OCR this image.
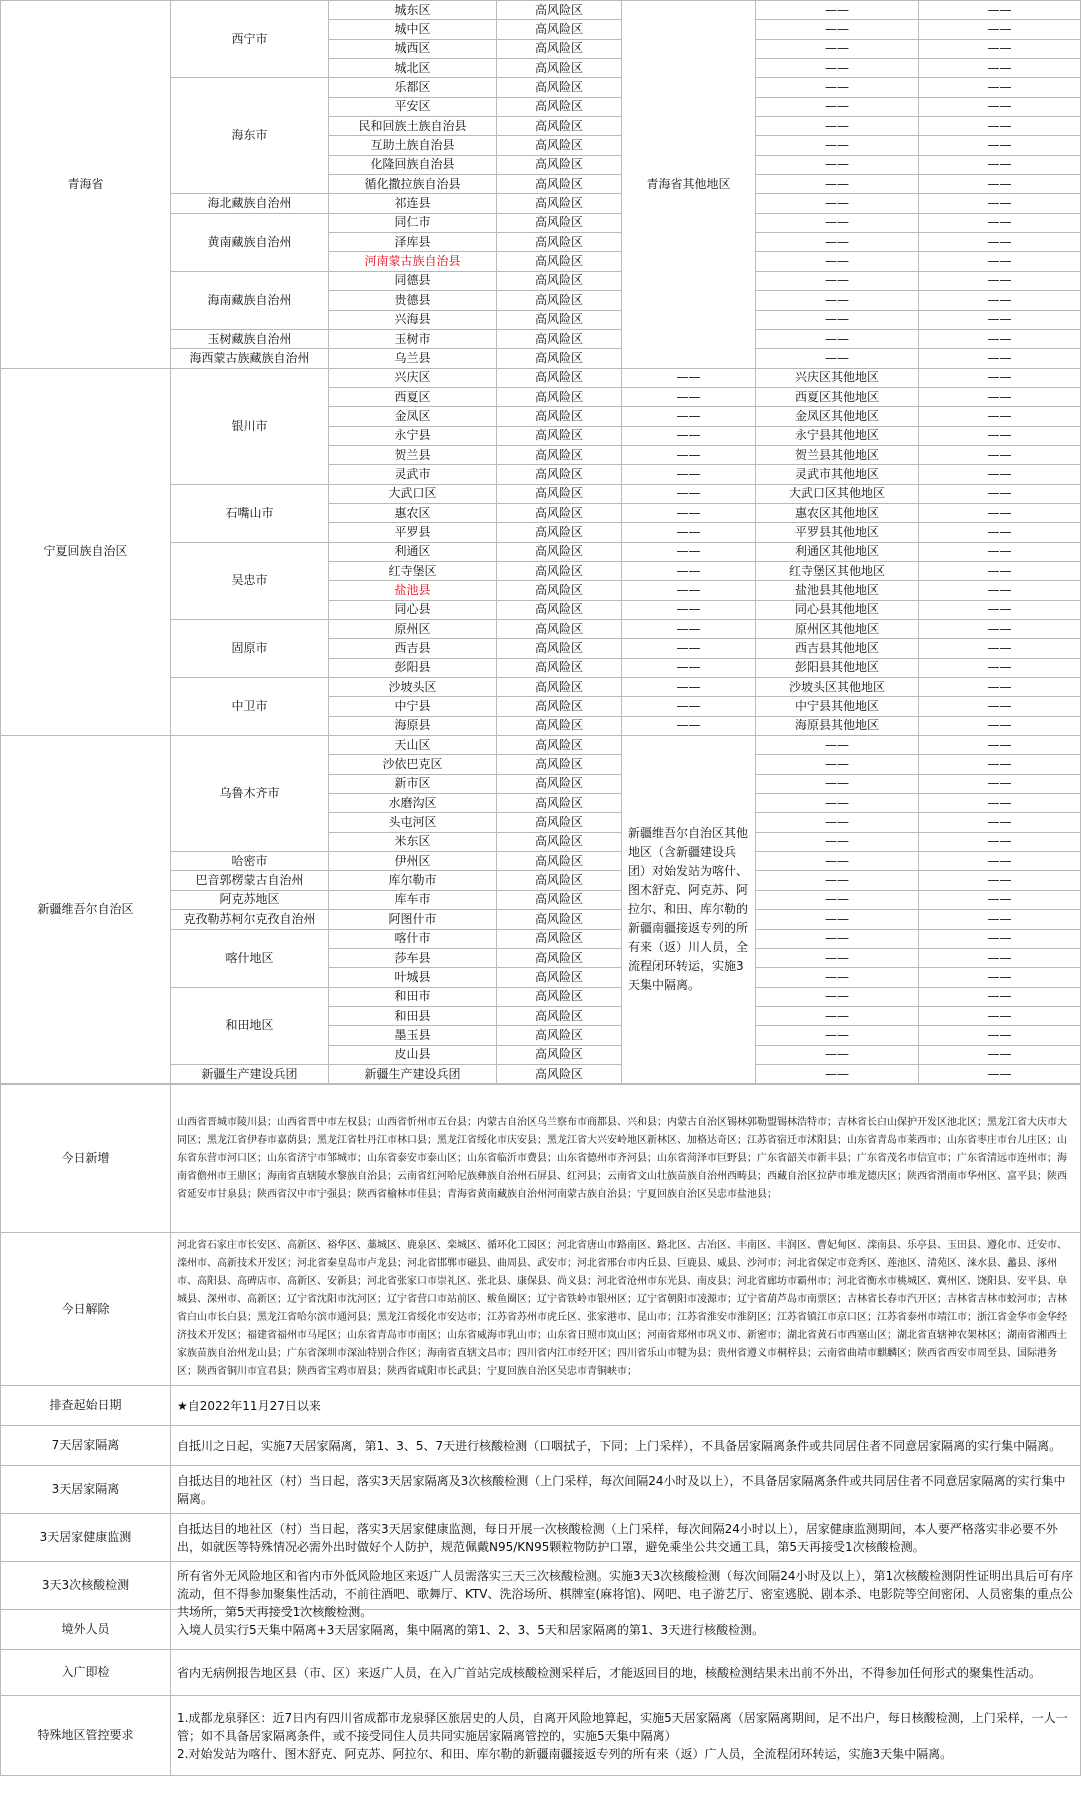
青海省	西宁市	城东区	高风险区	青海省其他地区	——	——
		城中区	高风险区		——	——
		城西区	高风险区		——	——
		城北区	高风险区		——	——
	海东市	乐都区	高风险区		——	——
		平安区	高风险区		——	——
		民和回族土族自治县	高风险区		——	——
		互助土族自治县	高风险区		——	——
		化隆回族自治县	高风险区		——	——
		循化撒拉族自治县	高风险区		——	——
	海北藏族自治州	祁连县	高风险区		——	——
	黄南藏族自治州	同仁市	高风险区		——	——
		泽库县	高风险区		——	——
		河南蒙古族自治县	高风险区		——	——
	海南藏族自治州	同德县	高风险区		——	——
		贵德县	高风险区		——	——
		兴海县	高风险区		——	——
	玉树藏族自治州	玉树市	高风险区		——	——
	海西蒙古族藏族自治州	乌兰县	高风险区		——	——
宁夏回族自治区	银川市	兴庆区	高风险区	——	兴庆区其他地区	——
		西夏区	高风险区	——	西夏区其他地区	——
		金凤区	高风险区	——	金凤区其他地区	——
		永宁县	高风险区	——	永宁县其他地区	——
		贺兰县	高风险区	——	贺兰县其他地区	——
		灵武市	高风险区	——	灵武市其他地区	——
	石嘴山市	大武口区	高风险区	——	大武口区其他地区	——
		惠农区	高风险区	——	惠农区其他地区	——
		平罗县	高风险区	——	平罗县其他地区	——
	吴忠市	利通区	高风险区	——	利通区其他地区	——
		红寺堡区	高风险区	——	红寺堡区其他地区	——
		盐池县	高风险区	——	盐池县其他地区	——
		同心县	高风险区	——	同心县其他地区	——
	固原市	原州区	高风险区	——	原州区其他地区	——
		西吉县	高风险区	——	西吉县其他地区	——
		彭阳县	高风险区	——	彭阳县其他地区	——
	中卫市	沙坡头区	高风险区	——	沙坡头区其他地区	——
		中宁县	高风险区	——	中宁县其他地区	——
		海原县	高风险区	——	海原县其他地区	——
新疆维吾尔自治区	乌鲁木齐市	天山区	高风险区	新疆维吾尔自治区其他地区（含新疆建设兵团）对始发站为喀什、图木舒克、阿克苏、阿拉尔、和田、库尔勒的新疆南疆接返专列的所有来（返）川人员，全流程闭环转运，实施3天集中隔离。	——	——
		沙依巴克区	高风险区		——	——
		新市区	高风险区		——	——
		水磨沟区	高风险区		——	——
		头屯河区	高风险区		——	——
		米东区	高风险区		——	——
	哈密市	伊州区	高风险区		——	——
	巴音郭楞蒙古自治州	库尔勒市	高风险区		——	——
	阿克苏地区	库车市	高风险区		——	——
	克孜勒苏柯尔克孜自治州	阿图什市	高风险区		——	——
	喀什地区	喀什市	高风险区		——	——
		莎车县	高风险区		——	——
		叶城县	高风险区		——	——
	和田地区	和田市	高风险区		——	——
		和田县	高风险区		——	——
		墨玉县	高风险区		——	——
		皮山县	高风险区		——	——
	新疆生产建设兵团	新疆生产建设兵团	高风险区		——	——
今日新增	山西省晋城市陵川县；山西省晋中市左权县；山西省忻州市五台县；内蒙古自治区乌兰察布市商都县、兴和县；内蒙古自治区锡林郭勒盟锡林浩特市；吉林省长白山保护开发区池北区；黑龙江省大庆市大同区；黑龙江省伊春市嘉荫县；黑龙江省牡丹江市林口县；黑龙江省绥化市庆安县；黑龙江省大兴安岭地区新林区、加格达奇区；江苏省宿迁市沭阳县；山东省青岛市莱西市；山东省枣庄市台儿庄区；山东省东营市河口区；山东省济宁市邹城市；山东省泰安市泰山区；山东省临沂市费县；山东省德州市齐河县；山东省菏泽市巨野县；广东省韶关市新丰县；广东省茂名市信宜市；广东省清远市连州市；海南省儋州市王鼎区；海南省直辖陵水黎族自治县；云南省红河哈尼族彝族自治州石屏县、红河县；云南省文山壮族苗族自治州西畴县；西藏自治区拉萨市堆龙德庆区；陕西省渭南市华州区、富平县；陕西省延安市甘泉县；陕西省汉中市宁强县；陕西省榆林市佳县；青海省黄南藏族自治州河南蒙古族自治县；宁夏回族自治区吴忠市盐池县；
今日解除	河北省石家庄市长安区、高新区、裕华区、藁城区、鹿泉区、栾城区、循环化工园区；河北省唐山市路南区、路北区、古冶区、丰南区、丰润区、曹妃甸区、滦南县、乐亭县、玉田县、遵化市、迁安市、滦州市、高新技术开发区；河北省秦皇岛市卢龙县；河北省邯郸市磁县、曲周县、武安市；河北省邢台市内丘县、巨鹿县、威县、沙河市；河北省保定市竞秀区、莲池区、清苑区、涞水县、蠡县、涿州市、高阳县、高碑店市、高新区、安新县；河北省张家口市崇礼区、张北县、康保县、尚义县；河北省沧州市东光县、南皮县；河北省廊坊市霸州市；河北省衡水市桃城区、冀州区、饶阳县、安平县、阜城县、深州市、高新区；辽宁省沈阳市沈河区；辽宁省营口市站前区、鲅鱼圈区；辽宁省铁岭市银州区；辽宁省朝阳市凌源市；辽宁省葫芦岛市南票区；吉林省长春市汽开区；吉林省吉林市蛟河市；吉林省白山市长白县；黑龙江省哈尔滨市通河县；黑龙江省绥化市安达市；江苏省苏州市虎丘区、张家港市、昆山市；江苏省淮安市淮阴区；江苏省镇江市京口区；江苏省泰州市靖江市；浙江省金华市金华经济技术开发区；福建省福州市马尾区；山东省青岛市市南区；山东省威海市乳山市；山东省日照市岚山区；河南省郑州市巩义市、新密市；湖北省黄石市西塞山区；湖北省直辖神农架林区；湖南省湘西土家族苗族自治州龙山县；广东省深圳市深汕特别合作区；海南省直辖文昌市；四川省内江市经开区；四川省乐山市犍为县；贵州省遵义市桐梓县；云南省曲靖市麒麟区；陕西省西安市周至县、国际港务区；陕西省铜川市宜君县；陕西省宝鸡市眉县；陕西省咸阳市长武县；宁夏回族自治区吴忠市青铜峡市；
排查起始日期	★自2022年11月27日以来
7天居家隔离	自抵川之日起，实施7天居家隔离，第1、3、5、7天进行核酸检测（口咽拭子，下同；上门采样），不具备居家隔离条件或共同居住者不同意居家隔离的实行集中隔离。
3天居家隔离	自抵达目的地社区（村）当日起，落实3天居家隔离及3次核酸检测（上门采样，每次间隔24小时及以上），不具备居家隔离条件或共同居住者不同意居家隔离的实行集中隔离。
3天居家健康监测	自抵达目的地社区（村）当日起，落实3天居家健康监测，每日开展一次核酸检测（上门采样，每次间隔24小时以上），居家健康监测期间，本人要严格落实非必要不外出，如就医等特殊情况必需外出时做好个人防护，规范佩戴N95/KN95颗粒物防护口罩，避免乘坐公共交通工具，第5天再接受1次核酸检测。
3天3次核酸检测	所有省外无风险地区和省内市外低风险地区来返广人员需落实三天三次核酸检测。实施3天3次核酸检测（每次间隔24小时及以上），第1次核酸检测阴性证明出具后可有序流动，但不得参加聚集性活动，不前往酒吧、歌舞厅、KTV、洗浴场所、棋牌室(麻将馆)、网吧、电子游艺厅、密室逃脱、剧本杀、电影院等空间密闭、人员密集的重点公共场所，第5天再接受1次核酸检测。

境外人员	入境人员实行5天集中隔离+3天居家隔离，集中隔离的第1、2、3、5天和居家隔离的第1、3天进行核酸检测。
入广即检	省内无病例报告地区县（市、区）来返广人员，在入广首站完成核酸检测采样后，才能返回目的地，核酸检测结果未出前不外出，不得参加任何形式的聚集性活动。
特殊地区管控要求	1.成都龙泉驿区：近7日内有四川省成都市龙泉驿区旅居史的人员，自离开风险地算起，实施5天居家隔离（居家隔离期间，足不出户，每日核酸检测，上门采样，一人一管；如不具备居家隔离条件，或不接受同住人员共同实施居家隔离管控的，实施5天集中隔离）
2.对始发站为喀什、图木舒克、阿克苏、阿拉尔、和田、库尔勒的新疆南疆接返专列的所有来（返）广人员，全流程闭环转运，实施3天集中隔离。
